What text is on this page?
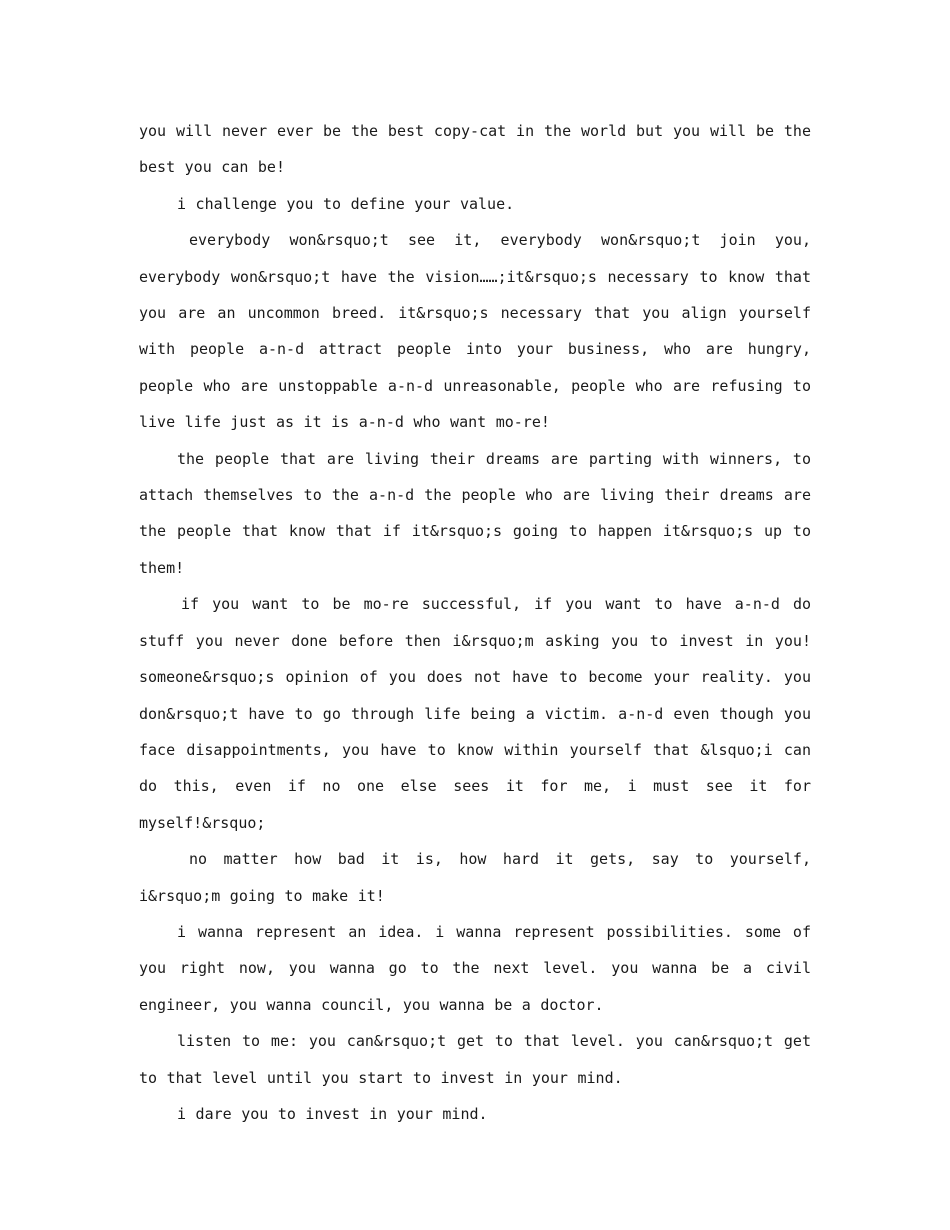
you will never ever be the best copy-cat in the world but you will be the best you can be!

i challenge you to define your value.

everybody won&rsquo;t see it, everybody won&rsquo;t join you, everybody won&rsquo;t have the vision……;it&rsquo;s necessary to know that you are an uncommon breed. it&rsquo;s necessary that you align yourself with people a-n-d attract people into your business, who are hungry, people who are unstoppable a-n-d unreasonable, people who are refusing to live life just as it is a-n-d who want mo-re!

the people that are living their dreams are parting with winners, to attach themselves to the a-n-d the people who are living their dreams are the people that know that if it&rsquo;s going to happen it&rsquo;s up to them!

if you want to be mo-re successful, if you want to have a-n-d do stuff you never done before then i&rsquo;m asking you to invest in you! someone&rsquo;s opinion of you does not have to become your reality. you don&rsquo;t have to go through life being a victim. a-n-d even though you face disappointments, you have to know within yourself that &lsquo;i can do this, even if no one else sees it for me, i must see it for myself!&rsquo;

no matter how bad it is, how hard it gets, say to yourself, i&rsquo;m going to make it!

i wanna represent an idea. i wanna represent possibilities. some of you right now, you wanna go to the next level. you wanna be a civil engineer, you wanna council, you wanna be a doctor.

listen to me: you can&rsquo;t get to that level. you can&rsquo;t get to that level until you start to invest in your mind.

i dare you to invest in your mind.
